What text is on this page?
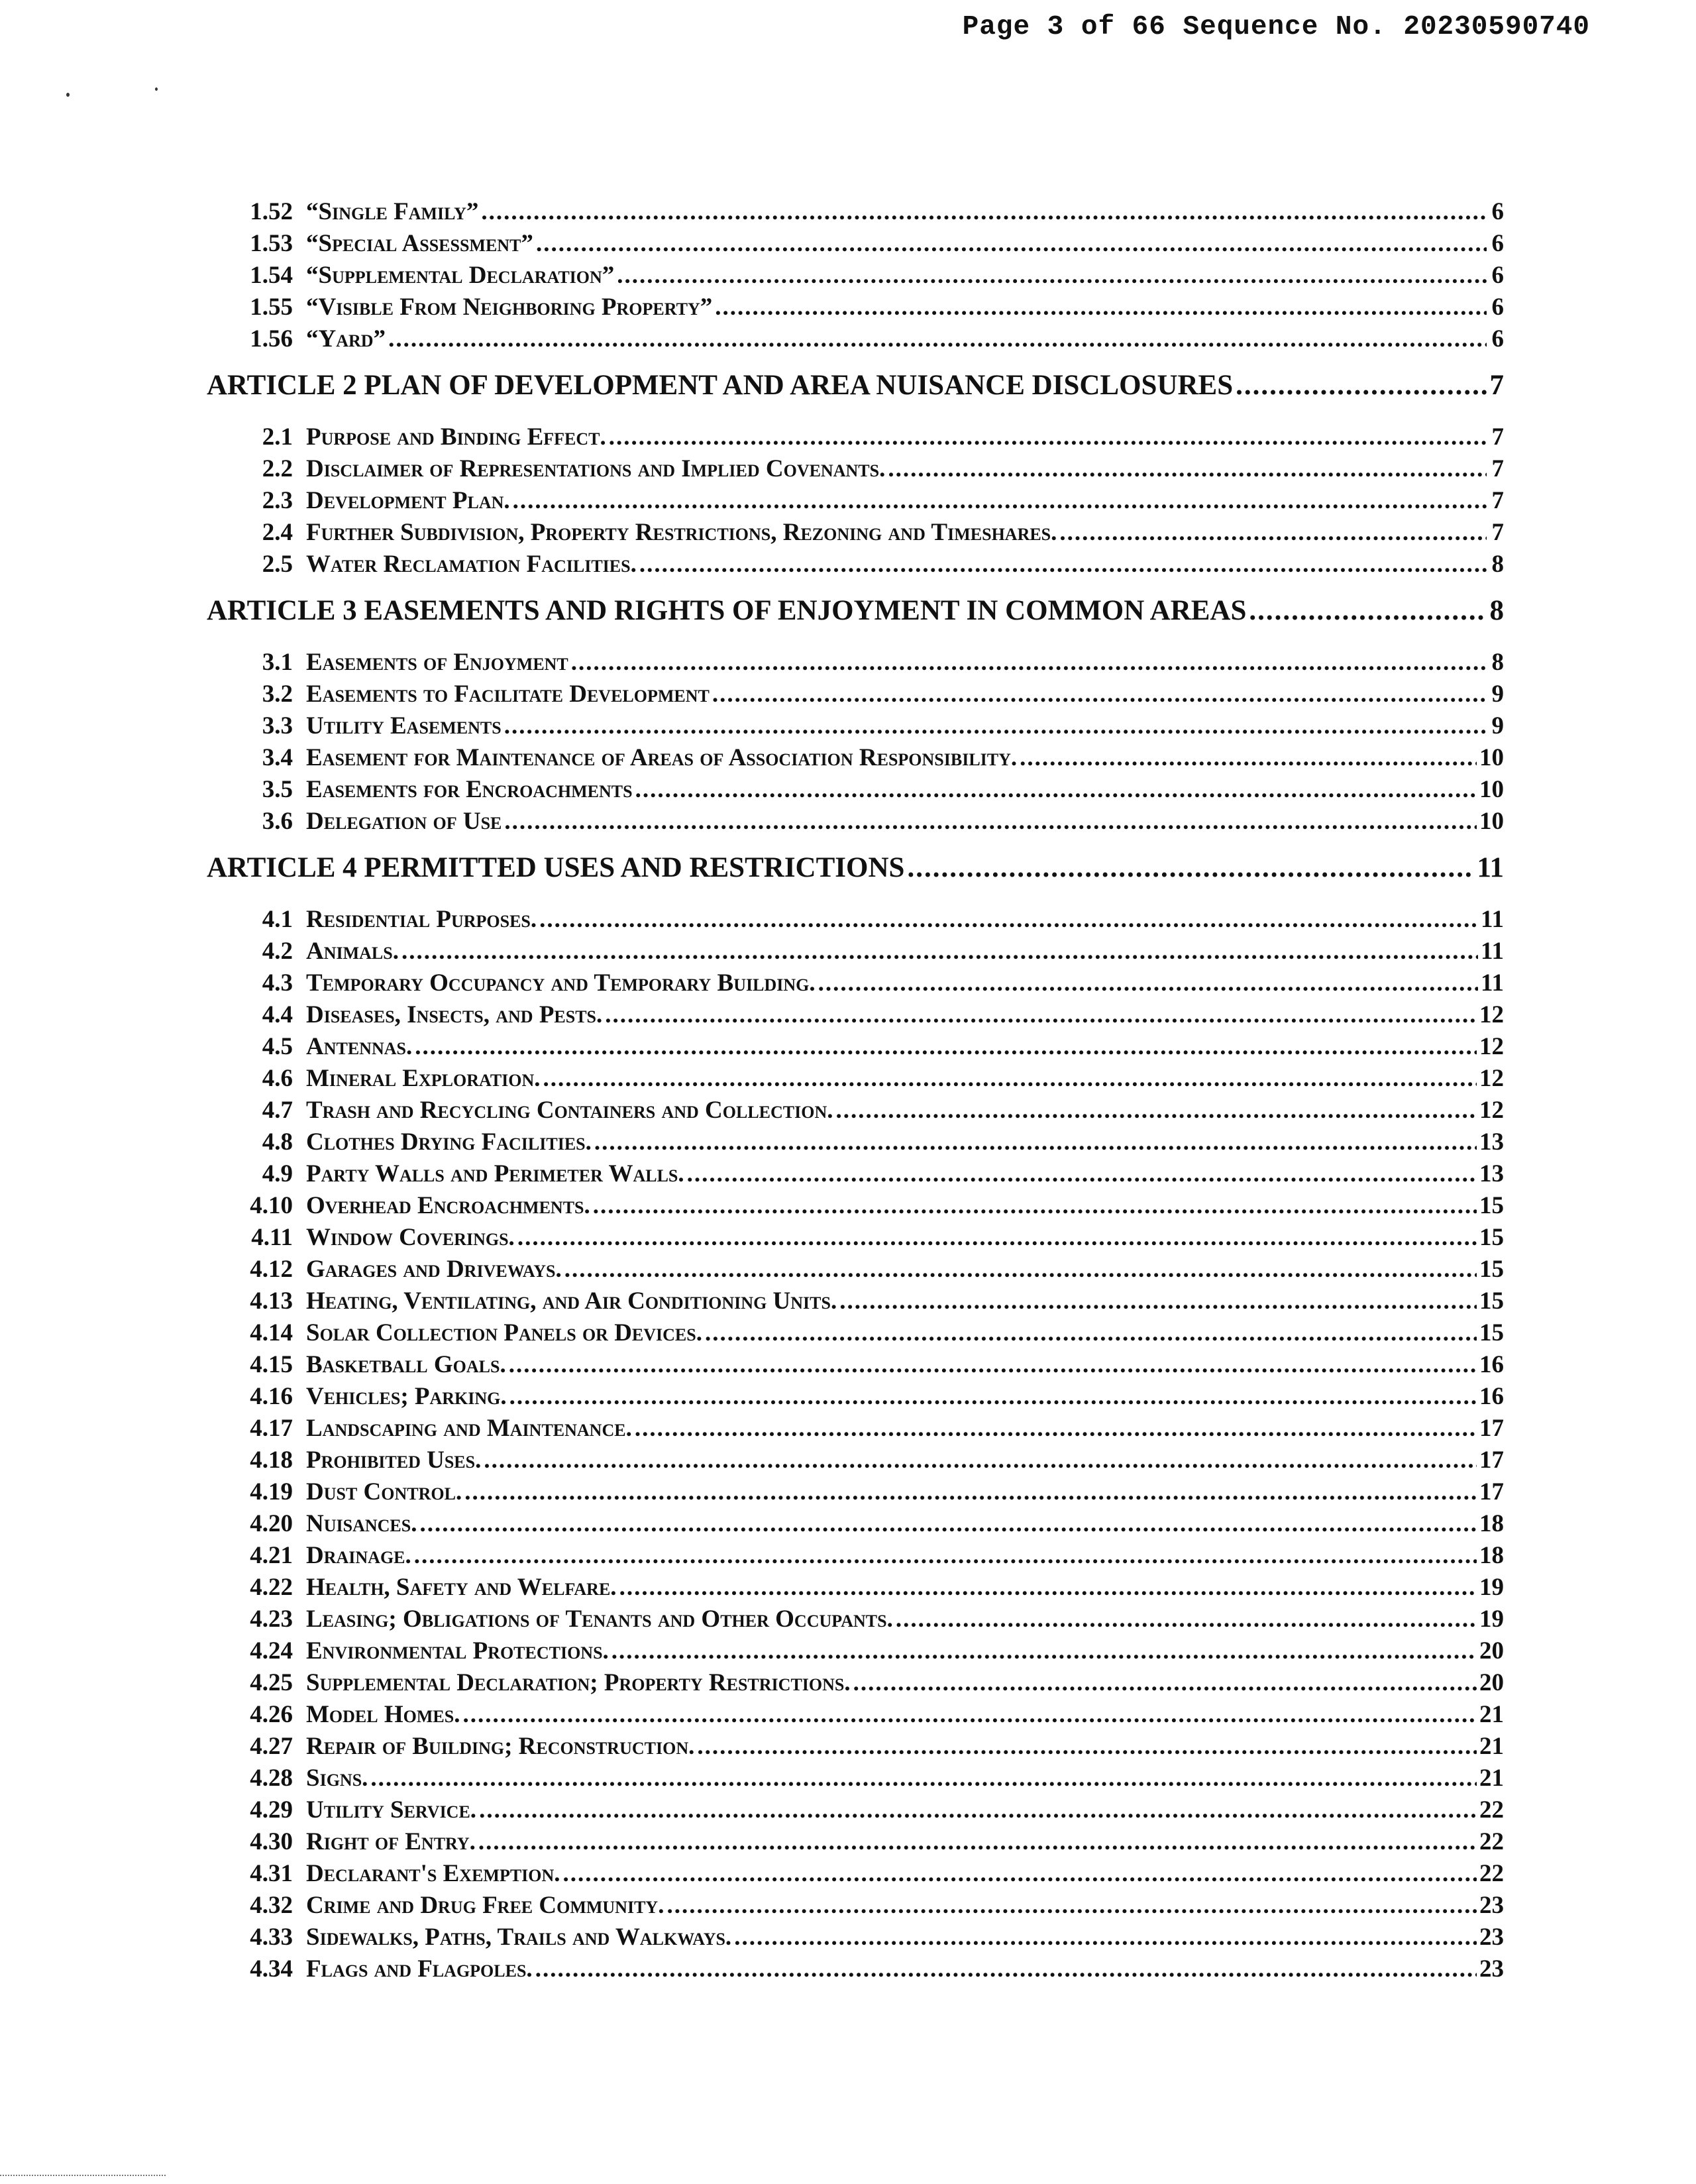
Page 3 of 66 Sequence No. 20230590740
1.52 “Single Family” .....	6
1.53 “Special Assessment” .....	6
1.54 “Supplemental Declaration” .....	6
1.55 “Visible From Neighboring Property” .....	6
1.56 “Yard” .....	6
ARTICLE 2 PLAN OF DEVELOPMENT AND AREA NUISANCE DISCLOSURES .....	7
2.1 Purpose and Binding Effect. .....	7
2.2 Disclaimer of Representations and Implied Covenants. .....	7
2.3 Development Plan. .....	7
2.4 Further Subdivision, Property Restrictions, Rezoning and Timeshares. .....	7
2.5 Water Reclamation Facilities. .....	8
ARTICLE 3 EASEMENTS AND RIGHTS OF ENJOYMENT IN COMMON AREAS .....	8
3.1 Easements of Enjoyment .....	8
3.2 Easements to Facilitate Development .....	9
3.3 Utility Easements .....	9
3.4 Easement for Maintenance of Areas of Association Responsibility. .....	10
3.5 Easements for Encroachments .....	10
3.6 Delegation of Use .....	10
ARTICLE 4 PERMITTED USES AND RESTRICTIONS .....	11
4.1 Residential Purposes. .....	11
4.2 Animals. .....	11
4.3 Temporary Occupancy and Temporary Building. .....	11
4.4 Diseases, Insects, and Pests. .....	12
4.5 Antennas. .....	12
4.6 Mineral Exploration. .....	12
4.7 Trash and Recycling Containers and Collection. .....	12
4.8 Clothes Drying Facilities. .....	13
4.9 Party Walls and Perimeter Walls. .....	13
4.10 Overhead Encroachments. .....	15
4.11 Window Coverings. .....	15
4.12 Garages and Driveways. .....	15
4.13 Heating, Ventilating, and Air Conditioning Units. .....	15
4.14 Solar Collection Panels or Devices. .....	15
4.15 Basketball Goals. .....	16
4.16 Vehicles; Parking. .....	16
4.17 Landscaping and Maintenance. .....	17
4.18 Prohibited Uses. .....	17
4.19 Dust Control. .....	17
4.20 Nuisances. .....	18
4.21 Drainage. .....	18
4.22 Health, Safety and Welfare. .....	19
4.23 Leasing; Obligations of Tenants and Other Occupants. .....	19
4.24 Environmental Protections. .....	20
4.25 Supplemental Declaration; Property Restrictions. .....	20
4.26 Model Homes. .....	21
4.27 Repair of Building; Reconstruction. .....	21
4.28 Signs. .....	21
4.29 Utility Service. .....	22
4.30 Right of Entry. .....	22
4.31 Declarant's Exemption. .....	22
4.32 Crime and Drug Free Community. .....	23
4.33 Sidewalks, Paths, Trails and Walkways. .....	23
4.34 Flags and Flagpoles. .....	23
